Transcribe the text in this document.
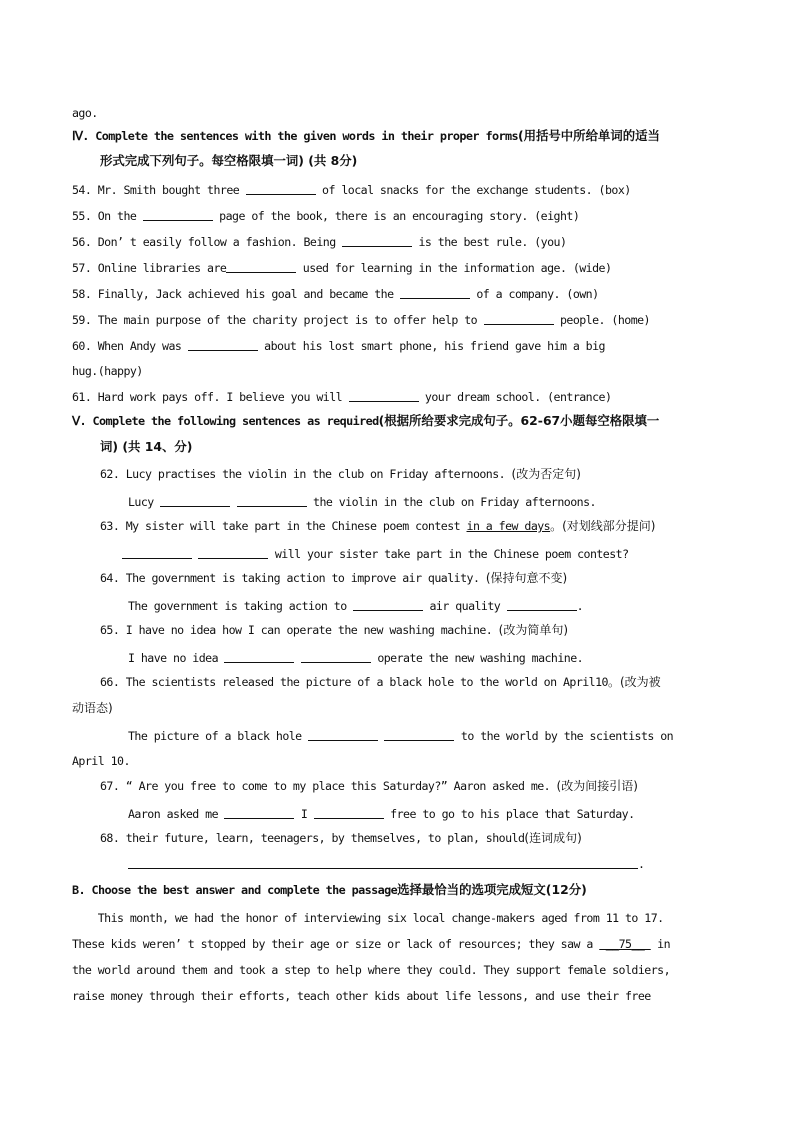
ago.
Ⅳ. Complete the sentences with the given words in their proper forms(用括号中所给单词的适当
形式完成下列句子。每空格限填一词) (共 8分)
54. Mr. Smith bought three	of local snacks for the exchange students. (box)
55. On the	page of the book, there is an encouraging story. (eight)
56. Don’ t easily follow a fashion. Being	is the best rule. (you)
57. Online libraries are	used for learning in the information age. (wide)
58. Finally, Jack achieved his goal and became the	of a company. (own)
59. The main purpose of the charity project is to offer help to	people. (home)
60. When Andy was	about his lost smart phone, his friend gave him a big
hug.(happy)
61. Hard work pays off. I believe you will	your dream school. (entrance)
Ⅴ. Complete the following sentences as required(根据所给要求完成句子。62-67小题每空格限填一
词) (共 14、分)
62. Lucy practises the violin in the club on Friday afternoons. (改为否定句)
Lucy	the violin in the club on Friday afternoons.
63. My sister will take part in the Chinese poem contest in a few days。(对划线部分提问)
will your sister take part in the Chinese poem contest?
64. The government is taking action to improve air quality. (保持句意不变)
The government is taking action to	air quality	.
65. I have no idea how I can operate the new washing machine. (改为简单句)
I have no idea	operate the new washing machine.
66. The scientists released the picture of a black hole to the world on April10。(改为被
动语态)
The picture of a black hole	to the world by the scientists on
April 10.
67. “ Are you free to come to my place this Saturday?” Aaron asked me. (改为间接引语)
Aaron asked me	I	free to go to his place that Saturday.
68. their future, learn, teenagers, by themselves, to plan, should(连词成句)
.
B. Choose the best answer and complete the passage选择最恰当的选项完成短文(12分)
This month, we had the honor of interviewing six local change-makers aged from 11 to 17.
These kids weren’ t stopped by their age or size or lack of resources; they saw a  __75__  in
the world around them and took a step to help where they could. They support female soldiers,
raise money through their efforts, teach other kids about life lessons, and use their free
